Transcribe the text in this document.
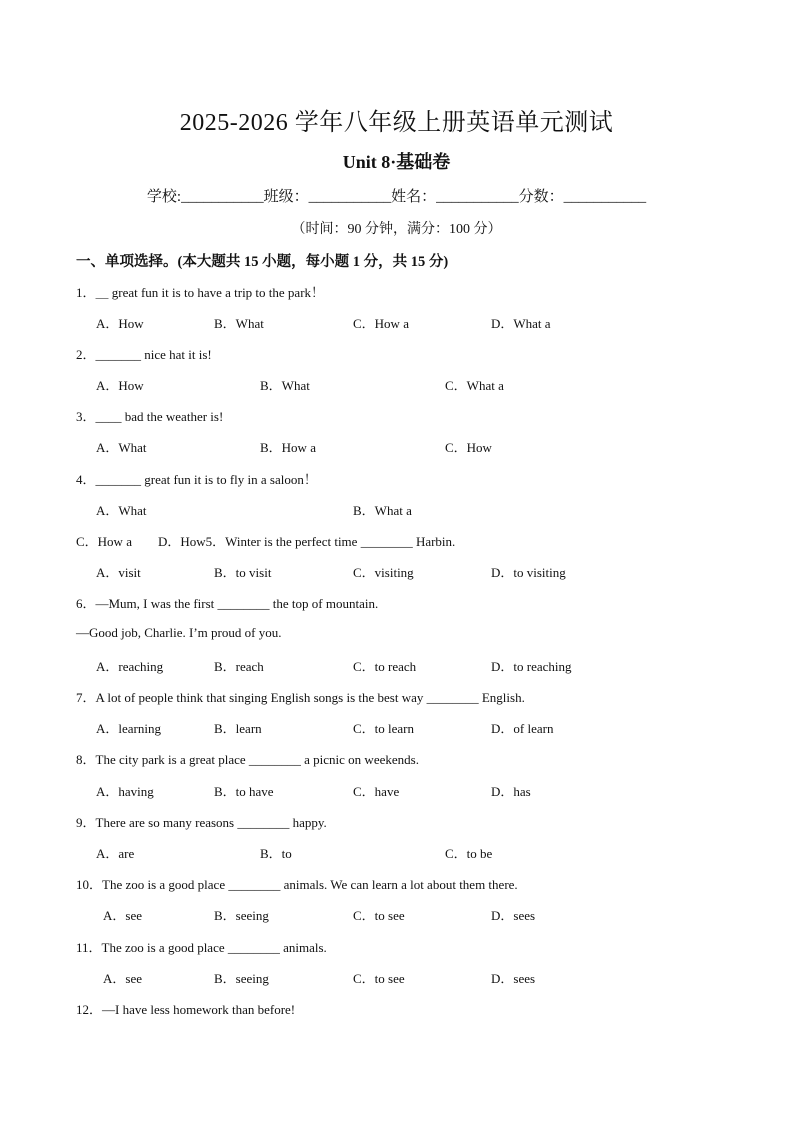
2025-2026 学年八年级上册英语单元测试
Unit 8·基础卷
学校:___________班级：___________姓名：___________分数：___________
（时间：90 分钟，满分：100 分）
一、单项选择。(本大题共 15 小题，每小题 1 分，共 15 分)
1．＿ great fun it is to have a trip to the park！
A．How	B．What	C．How a	D．What a
2．_______ nice hat it is!
A．How	B．What	C．What a
3．____ bad the weather is!
A．What	B．How a	C．How
4．_______ great fun it is to fly in a saloon！
A．What	B．What a
C．How a　　D．How5．Winter is the perfect time ________ Harbin.
A．visit	B．to visit	C．visiting	D．to visiting
6．—Mum, I was the first ________ the top of mountain.
—Good job, Charlie. I’m proud of you.
A．reaching	B．reach	C．to reach	D．to reaching
7．A lot of people think that singing English songs is the best way ________ English.
A．learning	B．learn	C．to learn	D．of learn
8．The city park is a great place ________ a picnic on weekends.
A．having	B．to have	C．have	D．has
9．There are so many reasons ________ happy.
A．are	B．to	C．to be
10．The zoo is a good place ________ animals. We can learn a lot about them there.
A．see	B．seeing	C．to see	D．sees
11．The zoo is a good place ________ animals.
A．see	B．seeing	C．to see	D．sees
12．—I have less homework than before!
